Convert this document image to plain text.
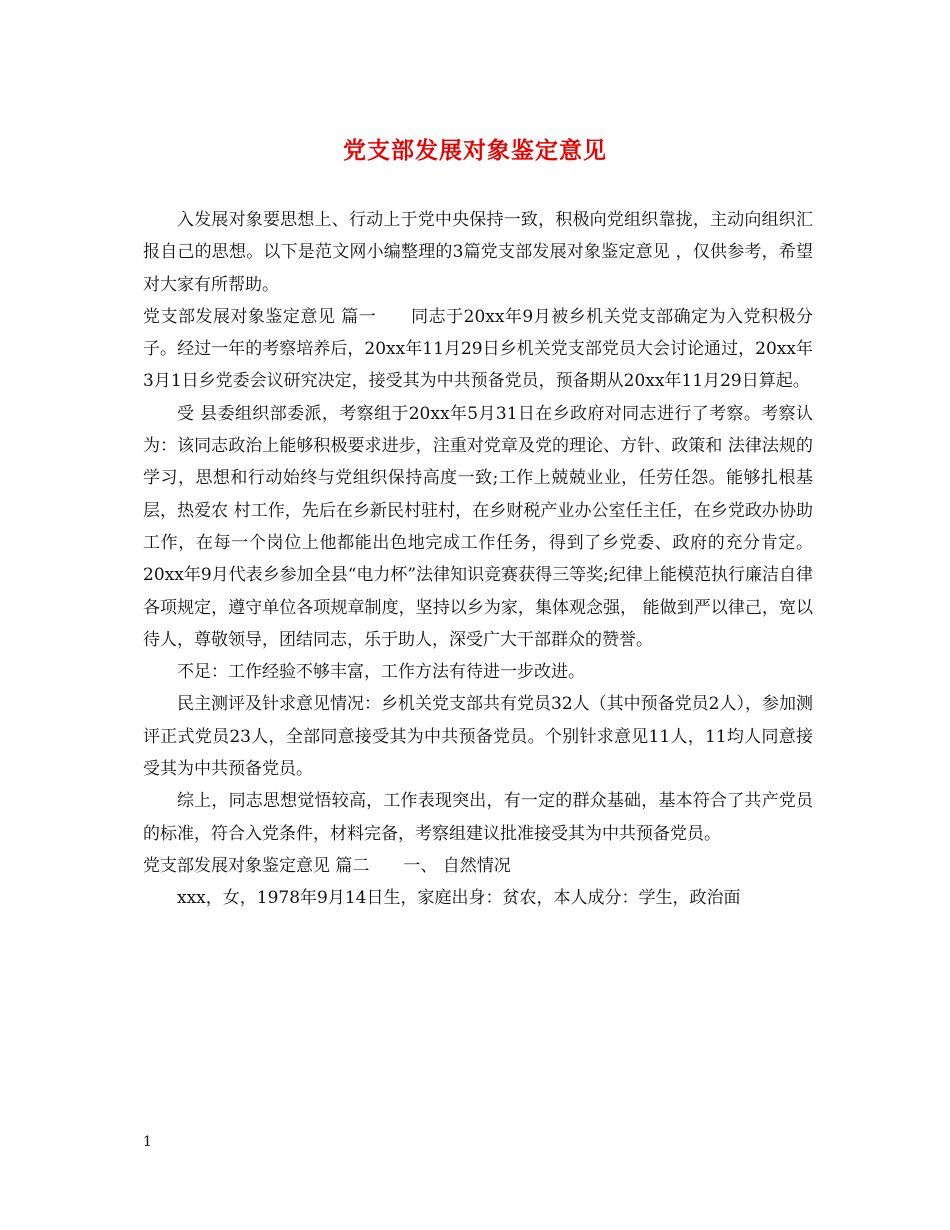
党支部发展对象鉴定意见

入发展对象要思想上、行动上于党中央保持一致，积极向党组织靠拢，主动向组织汇报自己的思想。以下是范文网小编整理的3篇党支部发展对象鉴定意见 ，仅供参考，希望对大家有所帮助。

党支部发展对象鉴定意见 篇一　　同志于20xx年9月被乡机关党支部确定为入党积极分子。经过一年的考察培养后，20xx年11月29日乡机关党支部党员大会讨论通过，20xx年3月1日乡党委会议研究决定，接受其为中共预备党员，预备期从20xx年11月29日算起。

受 县委组织部委派，考察组于20xx年5月31日在乡政府对同志进行了考察。考察认为：该同志政治上能够积极要求进步，注重对党章及党的理论、方针、政策和 法律法规的学习，思想和行动始终与党组织保持高度一致;工作上兢兢业业，任劳任怨。能够扎根基层，热爱农 村工作，先后在乡新民村驻村，在乡财税产业办公室任主任，在乡党政办协助工作，在每一个岗位上他都能出色地完成工作任务，得到了乡党委、政府的充分肯定。 20xx年9月代表乡参加全县“电力杯”法律知识竞赛获得三等奖;纪律上能模范执行廉洁自律各项规定，遵守单位各项规章制度，坚持以乡为家，集体观念强， 能做到严以律己，宽以待人，尊敬领导，团结同志，乐于助人，深受广大干部群众的赞誉。

不足：工作经验不够丰富，工作方法有待进一步改进。

民主测评及针求意见情况：乡机关党支部共有党员32人（其中预备党员2人），参加测评正式党员23人，全部同意接受其为中共预备党员。个别针求意见11人，11均人同意接受其为中共预备党员。

综上，同志思想觉悟较高，工作表现突出，有一定的群众基础，基本符合了共产党员的标准，符合入党条件，材料完备，考察组建议批准接受其为中共预备党员。

党支部发展对象鉴定意见 篇二　　一、 自然情况

xxx，女，1978年9月14日生，家庭出身：贫农，本人成分：学生，政治面

1
